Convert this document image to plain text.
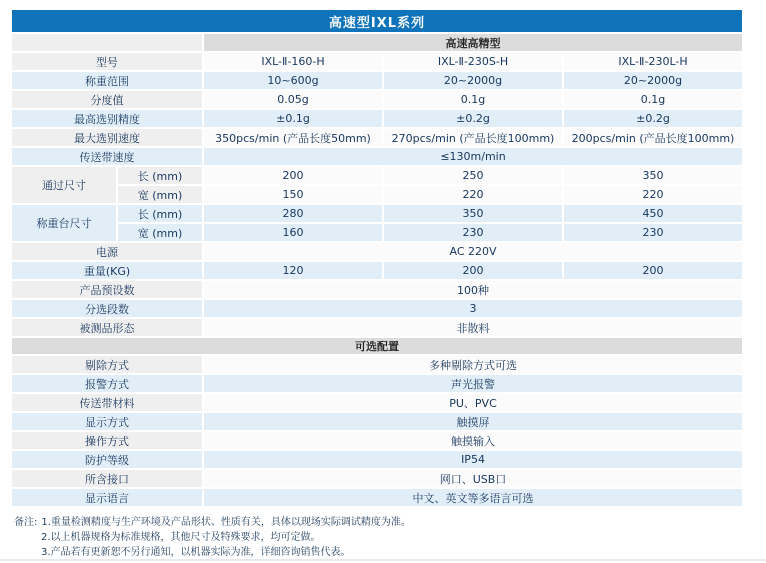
高速型IXL系列				
		高速高精型		
型号		IXL-Ⅱ-160-H	IXL-Ⅱ-230S-H	IXL-Ⅱ-230L-H
称重范围		10~600g	20~2000g	20~2000g
分度值		0.05g	0.1g	0.1g
最高选别精度		±0.1g	±0.2g	±0.2g
最大选别速度		350pcs/min (产品长度50mm)	270pcs/min (产品长度100mm)	200pcs/min (产品长度100mm)
传送带速度		≤130m/min		
通过尺寸	长 (mm)	200	250	350
	宽 (mm)	150	220	220
称重台尺寸	长 (mm)	280	350	450
	宽 (mm)	160	230	230
电源		AC 220V		
重量(KG)		120	200	200
产品预设数		100种		
分选段数		3		
被测品形态		非散料		
可选配置				
剔除方式		多种剔除方式可选		
报警方式		声光报警		
传送带材料		PU、PVC		
显示方式		触摸屏		
操作方式		触摸输入		
防护等级		IP54		
所含接口		网口、USB口		
显示语言		中文、英文等多语言可选		
备注: 1.重量检测精度与生产环境及产品形状、性质有关，具体以现场实际调试精度为准。
2.以上机器规格为标准规格，其他尺寸及特殊要求，均可定做。
3.产品若有更新恕不另行通知，以机器实际为准，详细咨询销售代表。
